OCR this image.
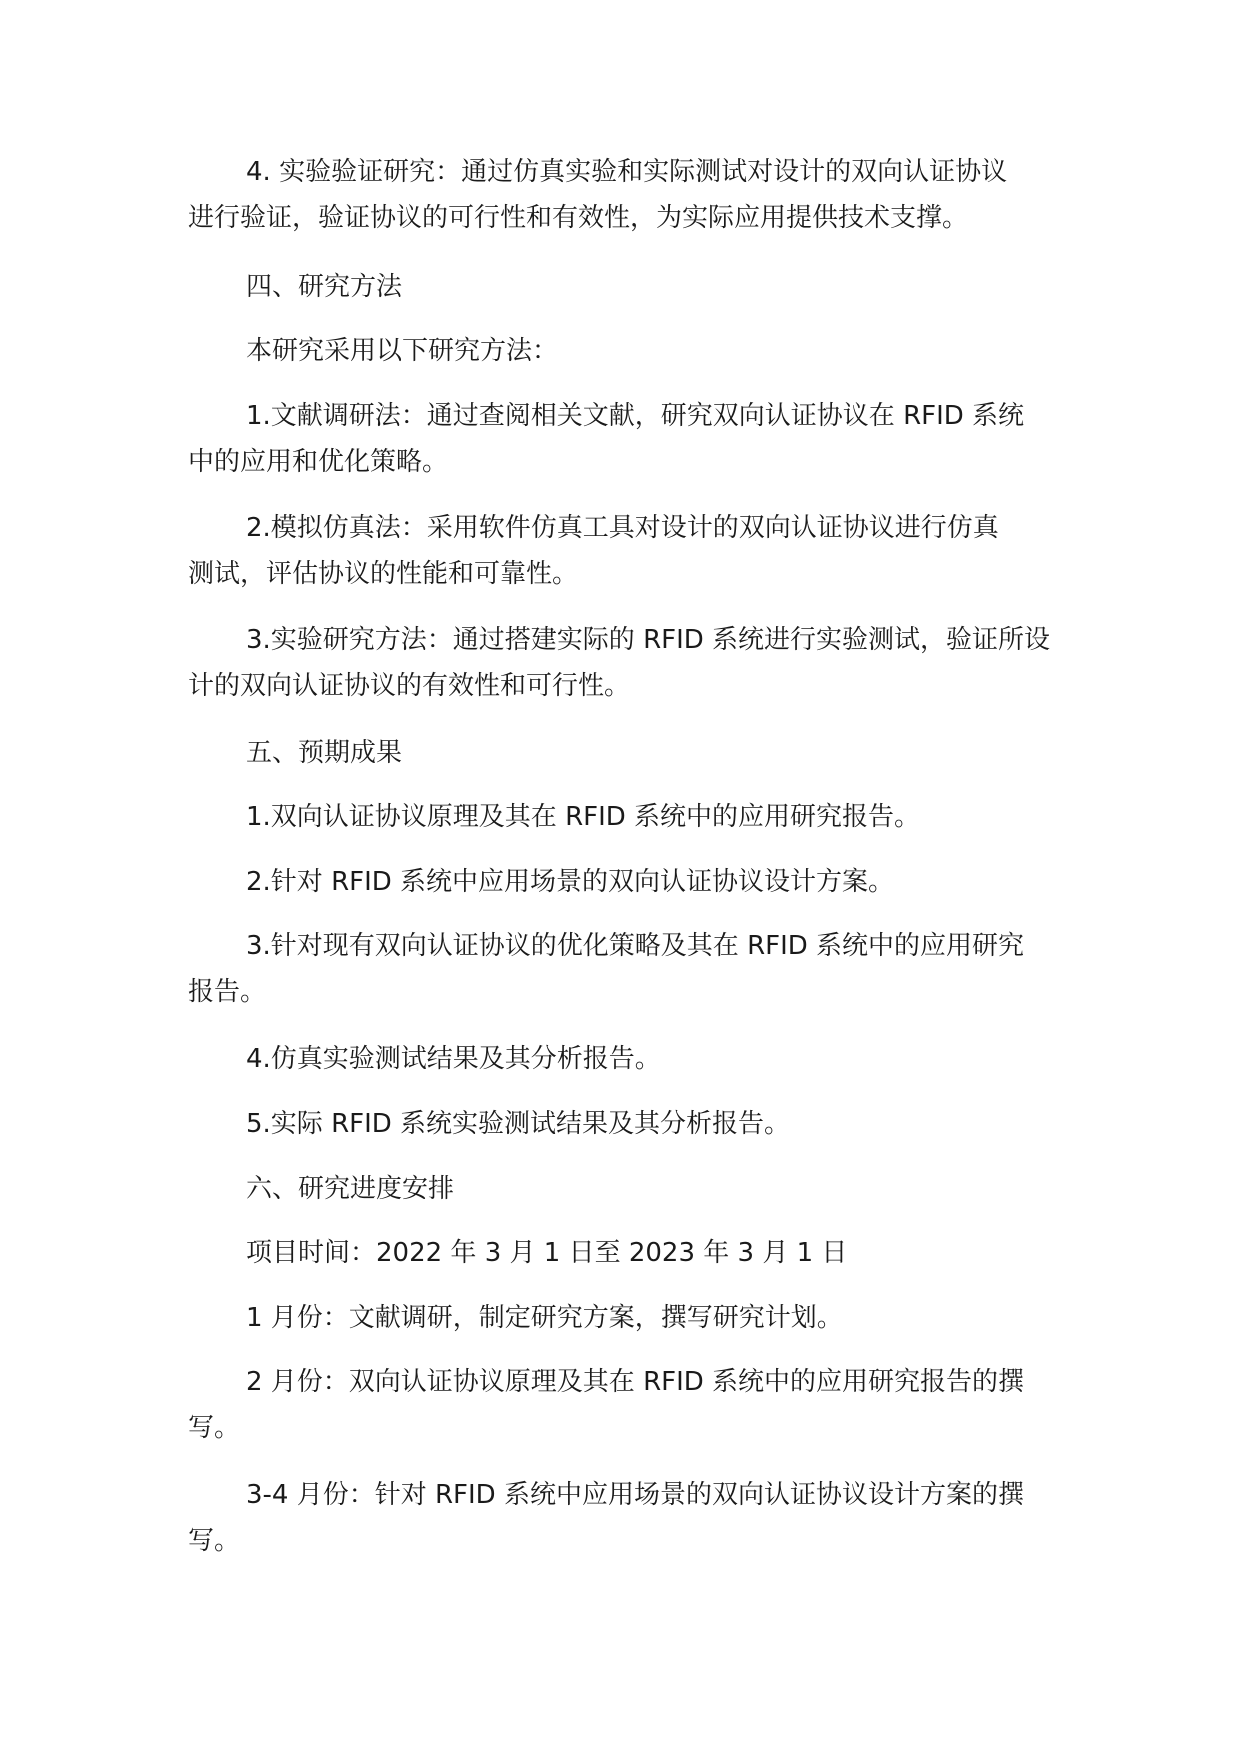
4. 实验验证研究：通过仿真实验和实际测试对设计的双向认证协议
进行验证，验证协议的可行性和有效性，为实际应用提供技术支撑。
四、研究方法
本研究采用以下研究方法：
1.文献调研法：通过查阅相关文献，研究双向认证协议在 RFID 系统
中的应用和优化策略。
2.模拟仿真法：采用软件仿真工具对设计的双向认证协议进行仿真
测试，评估协议的性能和可靠性。
3.实验研究方法：通过搭建实际的 RFID 系统进行实验测试，验证所设
计的双向认证协议的有效性和可行性。
五、预期成果
1.双向认证协议原理及其在 RFID 系统中的应用研究报告。
2.针对 RFID 系统中应用场景的双向认证协议设计方案。
3.针对现有双向认证协议的优化策略及其在 RFID 系统中的应用研究
报告。
4.仿真实验测试结果及其分析报告。
5.实际 RFID 系统实验测试结果及其分析报告。
六、研究进度安排
项目时间：2022 年 3 月 1 日至 2023 年 3 月 1 日
1 月份：文献调研，制定研究方案，撰写研究计划。
2 月份：双向认证协议原理及其在 RFID 系统中的应用研究报告的撰
写。
3-4 月份：针对 RFID 系统中应用场景的双向认证协议设计方案的撰
写。
